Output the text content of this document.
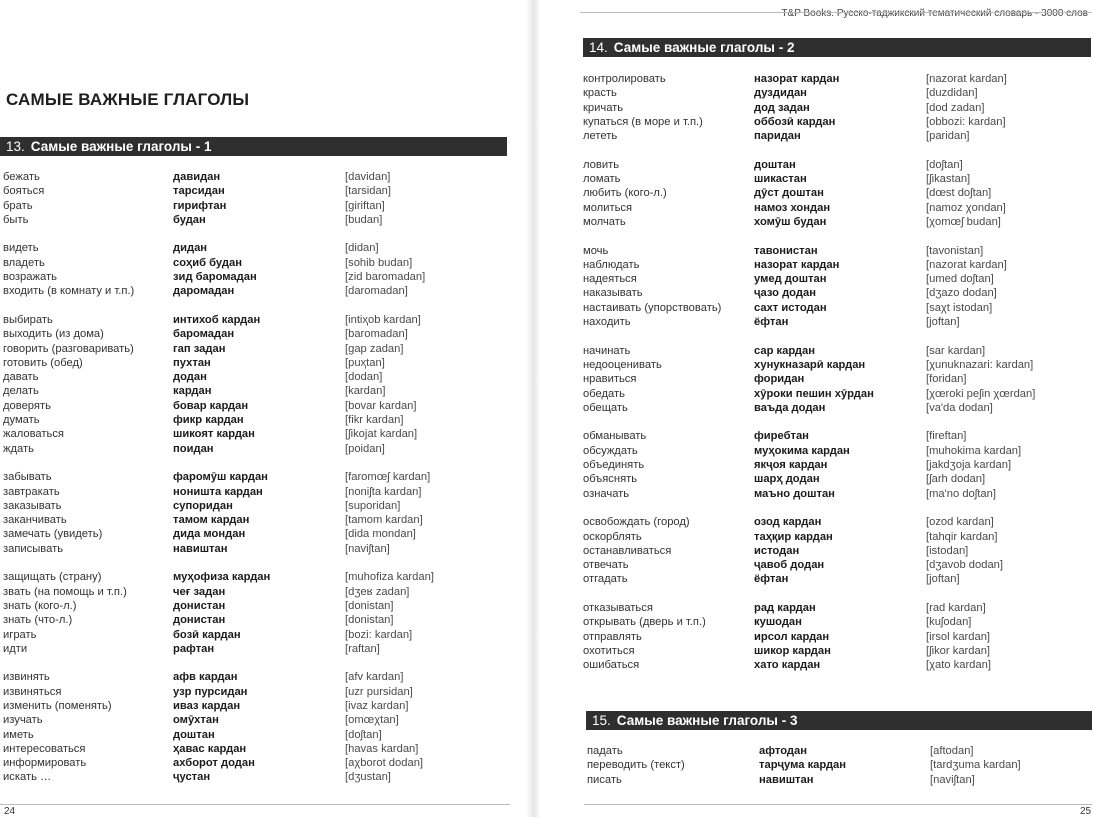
САМЫЕ ВАЖНЫЕ ГЛАГОЛЫ
13. Самые важные глаголы - 1
бежать	давидан	[davidan]
бояться	тарсидан	[tarsidan]
брать	гирифтан	[giriftan]
быть	будан	[budan]
видеть	дидан	[didan]
владеть	соҳиб будан	[sohib budan]
возражать	зид баромадан	[zid baromadan]
входить (в комнату и т.п.)	даромадан	[daromadan]
выбирать	интихоб кардан	[intiҳob kardan]
выходить (из дома)	баромадан	[baromadan]
говорить (разговаривать)	гап задан	[gap zadan]
готовить (обед)	пухтан	[puҳtan]
давать	додан	[dodan]
делать	кардан	[kardan]
доверять	бовар кардан	[bovar kardan]
думать	фикр кардан	[fikr kardan]
жаловаться	шикоят кардан	[ʃikojat kardan]
ждать	поидан	[poidan]
забывать	фаромӯш кардан	[faromœʃ kardan]
завтракать	ноништа кардан	[noniʃta kardan]
заказывать	супоридан	[suporidan]
заканчивать	тамом кардан	[tamom kardan]
замечать (увидеть)	дида мондан	[dida mondan]
записывать	навиштан	[naviʃtan]
защищать (страну)	муҳофиза кардан	[muhofiza kardan]
звать (на помощь и т.п.)	чеғ задан	[dʒeʁ zadan]
знать (кого-л.)	донистан	[donistan]
знать (что-л.)	донистан	[donistan]
играть	бозӣ кардан	[bozi: kardan]
идти	рафтан	[raftan]
извинять	афв кардан	[afv kardan]
извиняться	узр пурсидан	[uzr pursidan]
изменить (поменять)	иваз кардан	[ivaz kardan]
изучать	омӯхтан	[omœχtan]
иметь	доштан	[doʃtan]
интересоваться	ҳавас кардан	[havas kardan]
информировать	ахборот додан	[aχborot dodan]
искать …	ҷустан	[dʒustan]
24
T&P Books. Русско-таджикский тематический словарь - 3000 слов
14. Самые важные глаголы - 2
контролировать	назорат кардан	[nazorat kardan]
красть	дуздидан	[duzdidan]
кричать	дод задан	[dod zadan]
купаться (в море и т.п.)	оббозӣ кардан	[obbozi: kardan]
лететь	паридан	[paridan]
ловить	доштан	[doʃtan]
ломать	шикастан	[ʃikastan]
любить (кого-л.)	дӯст доштан	[dœst doʃtan]
молиться	намоз хондан	[namoz χondan]
молчать	хомӯш будан	[χomœʃ budan]
мочь	тавонистан	[tavonistan]
наблюдать	назорат кардан	[nazorat kardan]
надеяться	умед доштан	[umed doʃtan]
наказывать	ҷазо додан	[dʒazo dodan]
настаивать (упорствовать)	сахт истодан	[saχt istodan]
находить	ёфтан	[joftan]
начинать	сар кардан	[sar kardan]
недооценивать	хунукназарӣ кардан	[χunuknazari: kardan]
нравиться	форидан	[foridan]
обедать	хӯроки пешин хӯрдан	[χœroki peʃin χœrdan]
обещать	ваъда додан	[va'da dodan]
обманывать	фиребтан	[fireftan]
обсуждать	муҳокима кардан	[muhokima kardan]
объединять	якҷоя кардан	[jakdʒoja kardan]
объяснять	шарҳ додан	[ʃarh dodan]
означать	маъно доштан	[ma'no doʃtan]
освобождать (город)	озод кардан	[ozod kardan]
оскорблять	таҳқир кардан	[tahqir kardan]
останавливаться	истодан	[istodan]
отвечать	ҷавоб додан	[dʒavob dodan]
отгадать	ёфтан	[joftan]
отказываться	рад кардан	[rad kardan]
открывать (дверь и т.п.)	кушодан	[kuʃodan]
отправлять	ирсол кардан	[irsol kardan]
охотиться	шикор кардан	[ʃikor kardan]
ошибаться	хато кардан	[χato kardan]
15. Самые важные глаголы - 3
падать	афтодан	[aftodan]
переводить (текст)	тарҷума кардан	[tardʒuma kardan]
писать	навиштан	[naviʃtan]
25
